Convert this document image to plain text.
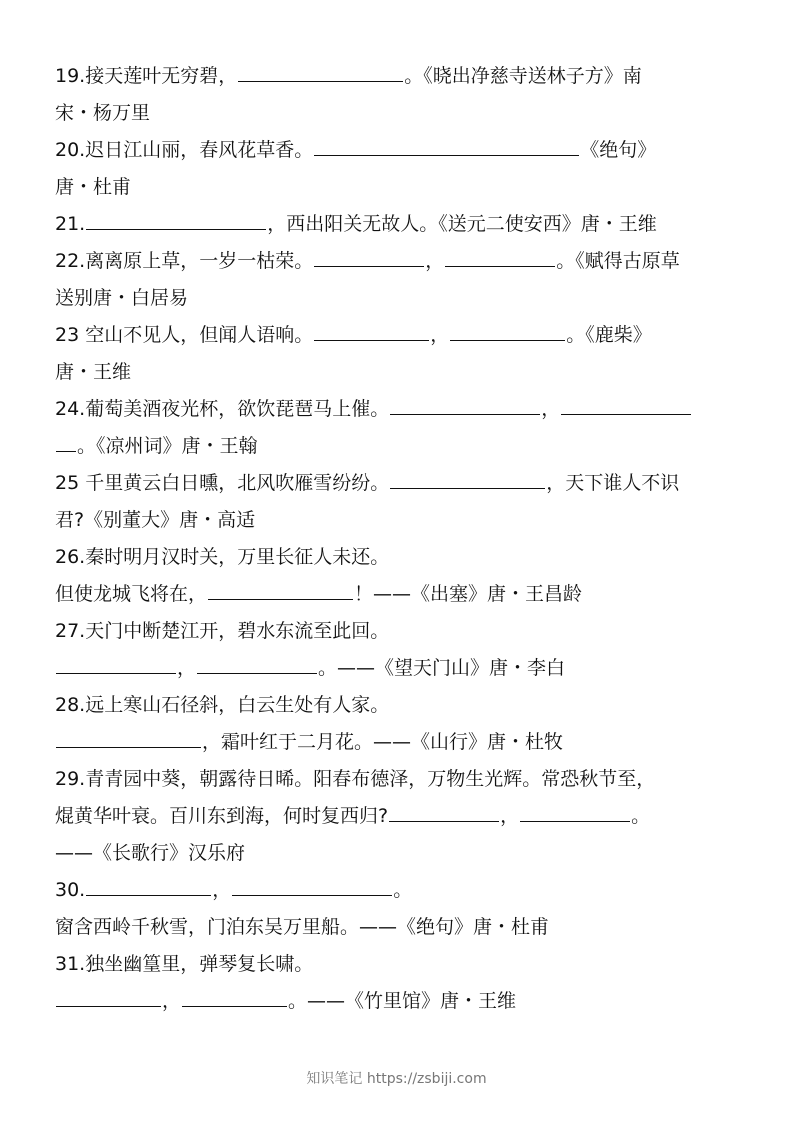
19.接天莲叶无穷碧，	。《晓出净慈寺送林子方》南
宋・杨万里
20.迟日江山丽，春风花草香。	《绝句》
唐・杜甫
21.	，西出阳关无故人。《送元二使安西》唐・王维
22.离离原上草，一岁一枯荣。	，	。《赋得古原草
送别唐・白居易
23 空山不见人，但闻人语响。	，	。《鹿柴》
唐・王维
24.葡萄美酒夜光杯，欲饮琵琶马上催。	，
。《凉州词》唐・王翰
25 千里黄云白日曛，北风吹雁雪纷纷。	，天下谁人不识
君?《别董大》唐・高适
26.秦时明月汉时关，万里长征人未还。
但使龙城飞将在，	！——《出塞》唐・王昌龄
27.天门中断楚江开，碧水东流至此回。
，	。——《望天门山》唐・李白
28.远上寒山石径斜，白云生处有人家。
，霜叶红于二月花。——《山行》唐・杜牧
29.青青园中葵，朝露待日晞。阳春布德泽，万物生光辉。常恐秋节至，
焜黄华叶衰。百川东到海，何时复西归?	，	。
——《长歌行》汉乐府
30.	，	。
窗含西岭千秋雪，门泊东吴万里船。——《绝句》唐・杜甫
31.独坐幽篁里，弹琴复长啸。
，	。——《竹里馆》唐・王维
知识笔记 https://zsbiji.com
